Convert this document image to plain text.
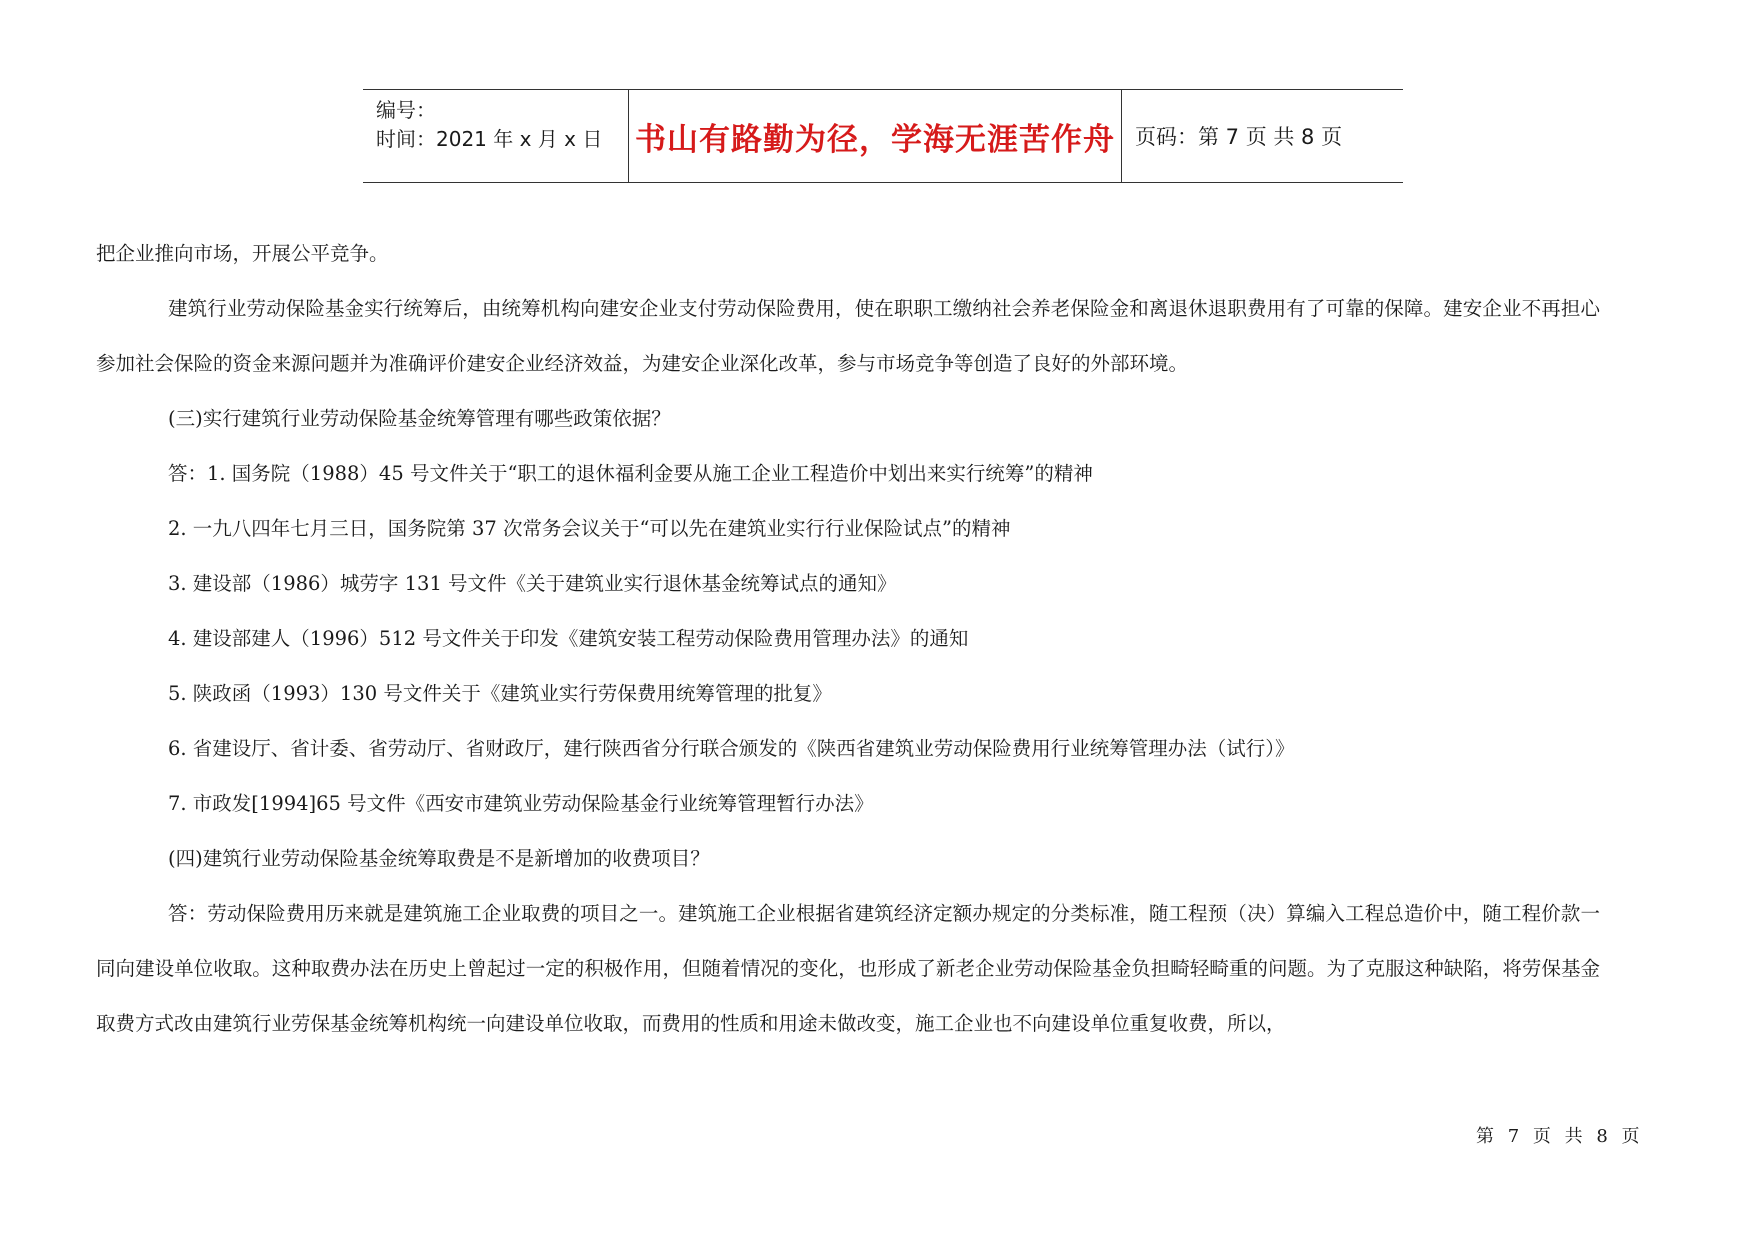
编号：
时间：2021 年 x 月 x 日	书山有路勤为径，学海无涯苦作舟 页码：第 7 页 共 8 页

把企业推向市场，开展公平竞争。

建筑行业劳动保险基金实行统筹后，由统筹机构向建安企业支付劳动保险费用，使在职职工缴纳社会养老保险金和离退休退职费用有了可靠的保障。建安企业不再担心参加社会保险的资金来源问题并为准确评价建安企业经济效益，为建安企业深化改革，参与市场竞争等创造了良好的外部环境。

(三)实行建筑行业劳动保险基金统筹管理有哪些政策依据？

答：1. 国务院（1988）45 号文件关于“职工的退休福利金要从施工企业工程造价中划出来实行统筹”的精神

2. 一九八四年七月三日，国务院第 37 次常务会议关于“可以先在建筑业实行行业保险试点”的精神

3. 建设部（1986）城劳字 131 号文件《关于建筑业实行退休基金统筹试点的通知》

4. 建设部建人（1996）512 号文件关于印发《建筑安装工程劳动保险费用管理办法》的通知

5. 陕政函（1993）130 号文件关于《建筑业实行劳保费用统筹管理的批复》

6. 省建设厅、省计委、省劳动厅、省财政厅，建行陕西省分行联合颁发的《陕西省建筑业劳动保险费用行业统筹管理办法（试行）》

7. 市政发[1994]65 号文件《西安市建筑业劳动保险基金行业统筹管理暂行办法》

(四)建筑行业劳动保险基金统筹取费是不是新增加的收费项目？

答：劳动保险费用历来就是建筑施工企业取费的项目之一。建筑施工企业根据省建筑经济定额办规定的分类标准，随工程预（决）算编入工程总造价中，随工程价款一同向建设单位收取。这种取费办法在历史上曾起过一定的积极作用，但随着情况的变化，也形成了新老企业劳动保险基金负担畸轻畸重的问题。为了克服这种缺陷，将劳保基金取费方式改由建筑行业劳保基金统筹机构统一向建设单位收取，而费用的性质和用途未做改变，施工企业也不向建设单位重复收费，所以，

第 7 页 共 8 页
